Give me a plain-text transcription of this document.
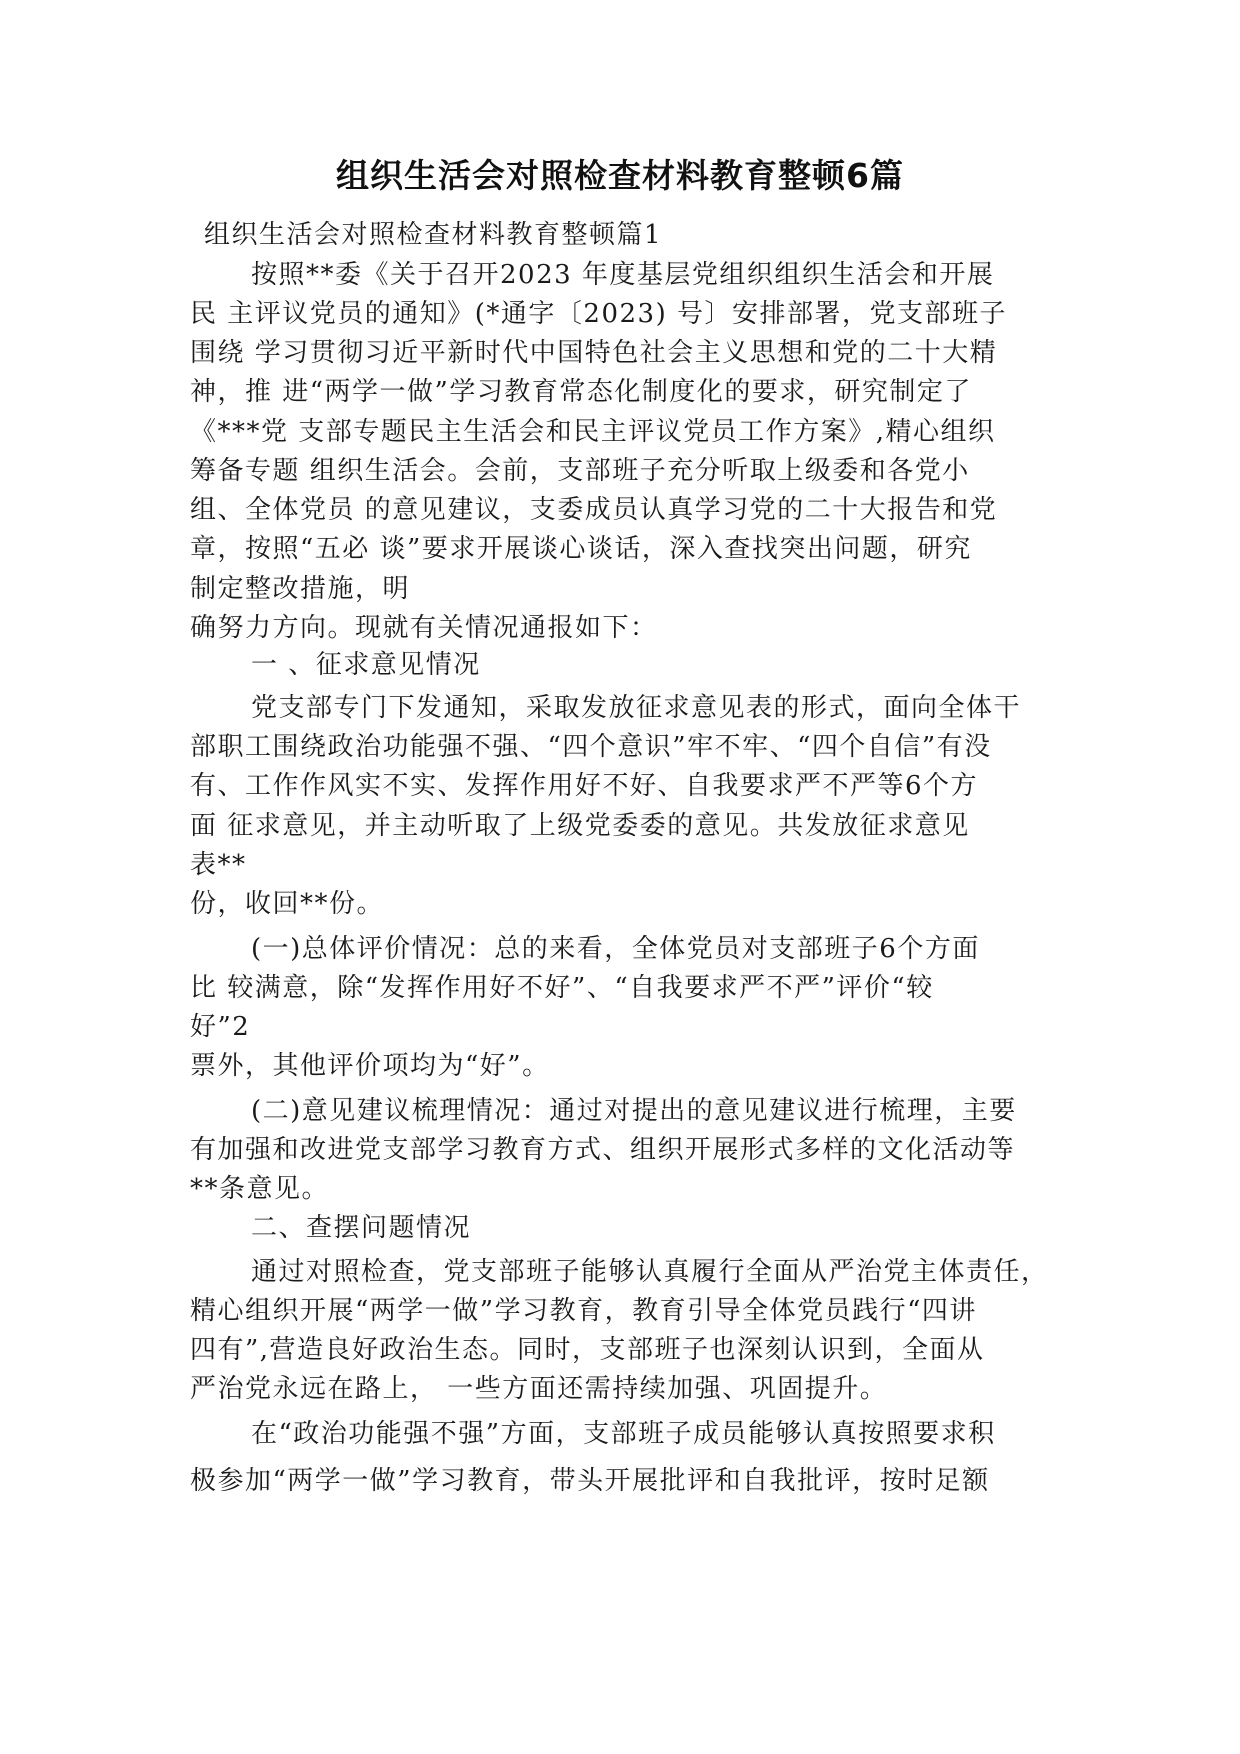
组织生活会对照检查材料教育整顿6篇

组织生活会对照检查材料教育整顿篇1

按照**委《关于召开2023 年度基层党组织组织生活会和开展

民 主评议党员的通知》(*通字〔2023) 号〕安排部署，党支部班子

围绕 学习贯彻习近平新时代中国特色社会主义思想和党的二十大精

神，推 进“两学一做”学习教育常态化制度化的要求，研究制定了

《***党 支部专题民主生活会和民主评议党员工作方案》,精心组织

筹备专题 组织生活会。会前，支部班子充分听取上级委和各党小

组、全体党员 的意见建议，支委成员认真学习党的二十大报告和党

章，按照“五必 谈”要求开展谈心谈话，深入查找突出问题，研究

制定整改措施，明

确努力方向。现就有关情况通报如下：

一 、征求意见情况

党支部专门下发通知，采取发放征求意见表的形式，面向全体干

部职工围绕政治功能强不强、“四个意识”牢不牢、“四个自信”有没

有、工作作风实不实、发挥作用好不好、自我要求严不严等6个方

面 征求意见，并主动听取了上级党委委的意见。共发放征求意见

表**

份，收回**份。

(一)总体评价情况：总的来看，全体党员对支部班子6个方面

比 较满意，除“发挥作用好不好”、“自我要求严不严”评价“较

好”2

票外，其他评价项均为“好”。

(二)意见建议梳理情况：通过对提出的意见建议进行梳理，主要

有加强和改进党支部学习教育方式、组织开展形式多样的文化活动等

**条意见。

二、查摆问题情况

通过对照检查，党支部班子能够认真履行全面从严治党主体责任，

精心组织开展“两学一做”学习教育，教育引导全体党员践行“四讲

四有”,营造良好政治生态。同时，支部班子也深刻认识到，全面从

严治党永远在路上， 一些方面还需持续加强、巩固提升。

在“政治功能强不强”方面，支部班子成员能够认真按照要求积

极参加“两学一做”学习教育，带头开展批评和自我批评，按时足额
